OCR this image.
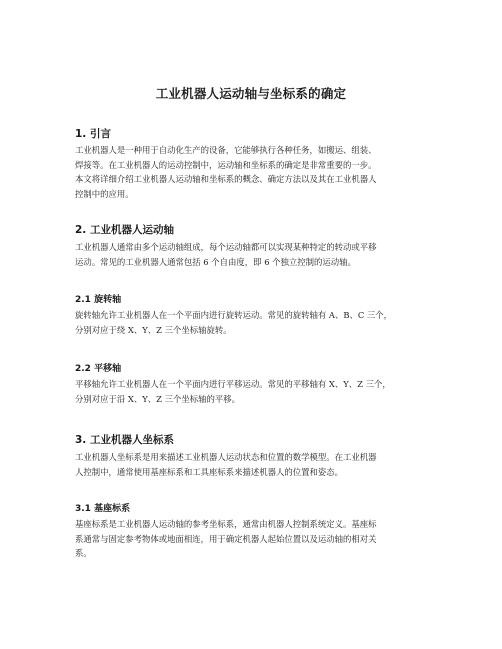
工业机器人运动轴与坐标系的确定
1. 引言
工业机器人是一种用于自动化生产的设备，它能够执行各种任务，如搬运、组装、
焊接等。在工业机器人的运动控制中，运动轴和坐标系的确定是非常重要的一步。
本文将详细介绍工业机器人运动轴和坐标系的概念、确定方法以及其在工业机器人
控制中的应用。
2. 工业机器人运动轴
工业机器人通常由多个运动轴组成，每个运动轴都可以实现某种特定的转动或平移
运动。常见的工业机器人通常包括 6 个自由度，即 6 个独立控制的运动轴。
2.1 旋转轴
旋转轴允许工业机器人在一个平面内进行旋转运动。常见的旋转轴有 A、B、C 三个，
分别对应于绕 X、Y、Z 三个坐标轴旋转。
2.2 平移轴
平移轴允许工业机器人在一个平面内进行平移运动。常见的平移轴有 X、Y、Z 三个，
分别对应于沿 X、Y、Z 三个坐标轴的平移。
3. 工业机器人坐标系
工业机器人坐标系是用来描述工业机器人运动状态和位置的数学模型。在工业机器
人控制中，通常使用基座标系和工具座标系来描述机器人的位置和姿态。
3.1 基座标系
基座标系是工业机器人运动轴的参考坐标系，通常由机器人控制系统定义。基座标
系通常与固定参考物体或地面相连，用于确定机器人起始位置以及运动轴的相对关
系。
